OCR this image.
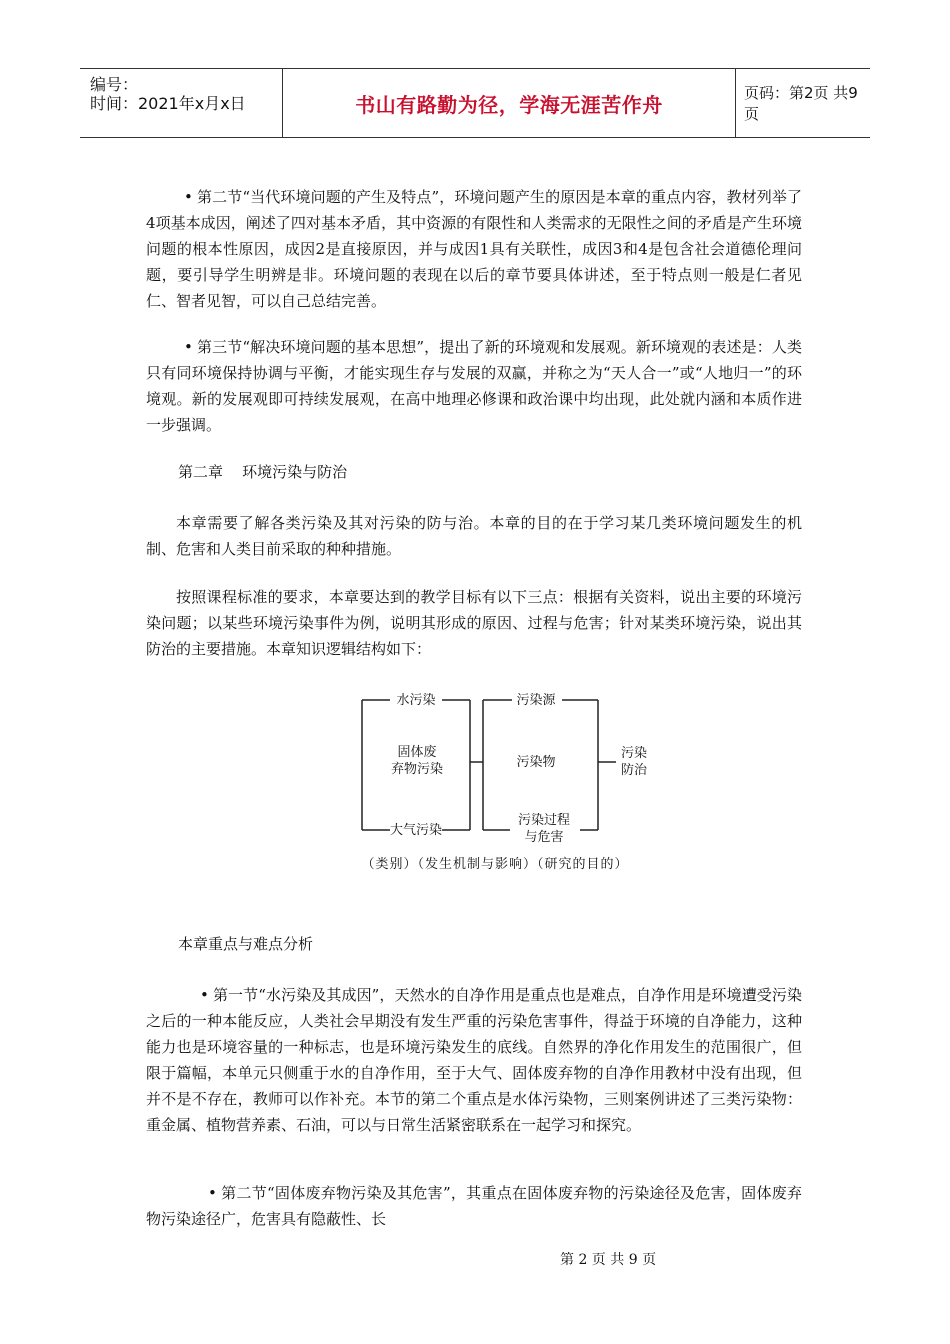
编号：
时间：2021年x月x日	书山有路勤为径，学海无涯苦作舟	页码：第2页 共9页

• 第二节“当代环境问题的产生及特点”，环境问题产生的原因是本章的重点内容，教材列举了4项基本成因，阐述了四对基本矛盾，其中资源的有限性和人类需求的无限性之间的矛盾是产生环境问题的根本性原因，成因2是直接原因，并与成因1具有关联性，成因3和4是包含社会道德伦理问题，要引导学生明辨是非。环境问题的表现在以后的章节要具体讲述，至于特点则一般是仁者见仁、智者见智，可以自己总结完善。

• 第三节“解决环境问题的基本思想”，提出了新的环境观和发展观。新环境观的表述是：人类只有同环境保持协调与平衡，才能实现生存与发展的双赢，并称之为“天人合一”或“人地归一”的环境观。新的发展观即可持续发展观，在高中地理必修课和政治课中均出现，此处就内涵和本质作进一步强调。

第二章    环境污染与防治

本章需要了解各类污染及其对污染的防与治。本章的目的在于学习某几类环境问题发生的机制、危害和人类目前采取的种种措施。

按照课程标准的要求，本章要达到的教学目标有以下三点：根据有关资料，说出主要的环境污染问题；以某些环境污染事件为例，说明其形成的原因、过程与危害；针对某类环境污染，说出其防治的主要措施。本章知识逻辑结构如下：

水污染
固体废
弃物污染
大气污染
污染源
污染物
污染过程
与危害
污染
防治
（类别）（发生机制与影响）（研究的目的）

本章重点与难点分析

• 第一节“水污染及其成因”，天然水的自净作用是重点也是难点，自净作用是环境遭受污染之后的一种本能反应，人类社会早期没有发生严重的污染危害事件，得益于环境的自净能力，这种能力也是环境容量的一种标志，也是环境污染发生的底线。自然界的净化作用发生的范围很广，但限于篇幅，本单元只侧重于水的自净作用，至于大气、固体废弃物的自净作用教材中没有出现，但并不是不存在，教师可以作补充。本节的第二个重点是水体污染物，三则案例讲述了三类污染物：重金属、植物营养素、石油，可以与日常生活紧密联系在一起学习和探究。

• 第二节“固体废弃物污染及其危害”，其重点在固体废弃物的污染途径及危害，固体废弃物污染途径广，危害具有隐蔽性、长

第 2 页 共 9 页
